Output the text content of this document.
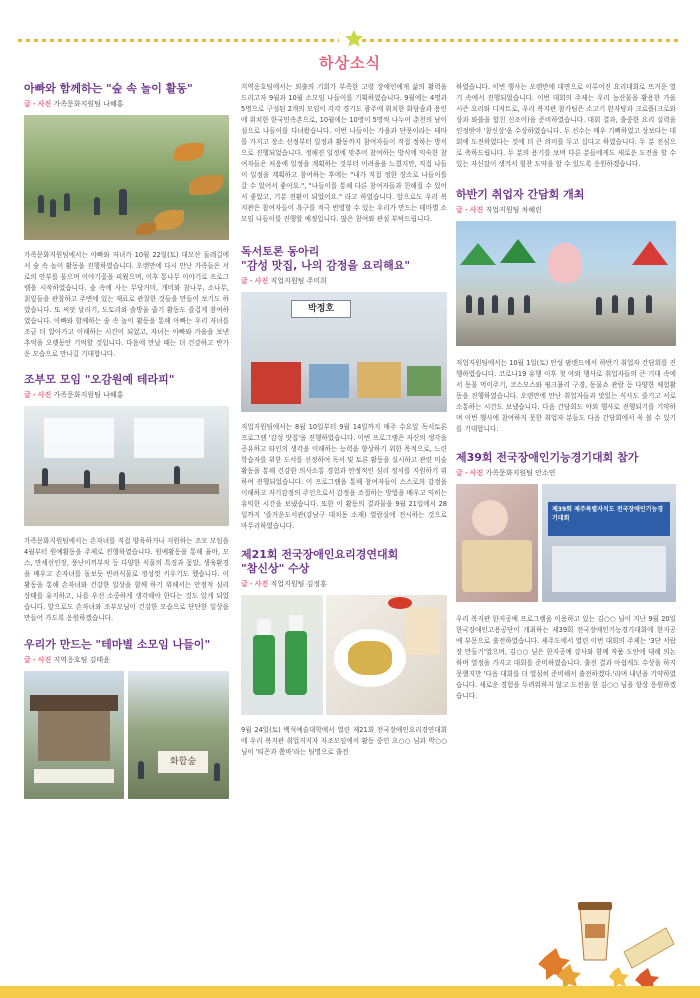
하상소식
아빠와 함께하는 "숲 속 놀이 활동"
글・사진 가족문화지원팀 나혜홍
가족문화지원팀에서는 아빠와 자녀가 10월 22일(토) 대모산 둘레길에서 숲 속 놀이 활동을 진행하였습니다. 오랜만에 다시 만난 가족들은 서로의 안부를 물으며 이야기꽃을 피웠으며, 이후 통나무 이야기로 프로그램을 시작하였습니다. 숲 속에 사는 무당거미, 개미와 참나무, 소나무, 칡잎들을 관찰하고 주변에 있는 재료로 관찰한 것들을 만들어 보기도 하였습니다. 또 씨앗 날리기, 도토리와 솔방울 줍기 활동도 즐겁게 참여하였습니다. 아빠와 함께하는 숲 속 놀이 활동을 통해 아빠는 우리 자녀를 조금 더 알아가고 이해하는 시간이 되었고, 자녀는 아빠와 가을을 보낸 추억을 오랫동안 기억할 것입니다. 다음에 만날 때는 더 건강하고 반가운 모습으로 만나길 기대합니다.
조부모 모임 "오감원예 테라피"
글・사진 가족문화지원팀 나혜홍
가족문화지원팀에서는 손자녀를 직접 양육하거나 지원하는 조모 모임을 4월부터 원예활동을 주제로 진행하였습니다. 원예활동을 통해 율마, 모스, 만세선인장, 풍난이끼부작 등 다양한 식물의 특징과 꽃말, 생육환경을 배우고 손자녀를 돌보듯 반려식물로 정성껏 키우기도 했습니다. 이 활동을 통해 손자녀와 건강한 일상을 함께 하기 위해서는 안정적 심리 상태를 유지하고, 나를 우선 소중하게 생각해야 한다는 것도 알게 되었습니다. 앞으로도 손자녀와 조부모님이 건강한 모습으로 단단한 일상을 만들어 가도록 응원하겠습니다.
우리가 만드는 "테마별 소모임 나들이"
글・사진 지역옹호팀 김태윤
화합숲
지역옹호팀에서는 외출의 기회가 부족한 고령 장애인에게 삶의 활력을 드리고자 9월과 10월 소모임 나들이를 기획하였습니다. 9월에는 4명과 5명으로 구성된 2개의 모임이 각각 경기도 광주에 위치한 화담숲과 용인에 위치한 한국민속촌으로, 10월에는 10명이 5명씩 나누어 춘천의 남이섬으로 나들이를 다녀왔습니다. 이번 나들이는 가을과 단풍이라는 테마를 가지고 장소 선정부터 일정과 활동까지 참여자들이 직접 정하는 방식으로 진행되었습니다. 정해진 일정에 맞추어 참여하는 방식에 익숙한 참여자들은 처음에 일정을 계획하는 것부터 어려움을 느꼈지만, 직접 나들이 일정을 계획하고 참여하는 후에는 "내가 직접 정한 장소로 나들이를 갈 수 있어서 좋아요.", "나들이를 통해 다른 참여자들과 친해질 수 있어서 좋았고, 기분 전환이 되었어요." 라고 하였습니다. 앞으로도 우리 복지관은 참여자들이 욕구를 적극 반영할 수 있는 우리가 만드는 테마별 소모임 나들이를 진행할 예정입니다. 많은 참여와 관심 부탁드립니다.
독서토론 동아리
"감성 맛집, 나의 감정을 요리해요"
글・사진 직업지원팀 주미희
박정호
직업지원팀에서는 8월 10일부터 9월 14일까지 매주 수요일 독서토론 프로그램 '감성 맛집'을 진행하였습니다. 이번 프로그램은 자신의 생각을 공유하고 타인의 생각을 이해하는 능력을 향상하기 위한 목적으로, 느린 학습자를 위한 도서를 선정하여 독서 및 토론 활동을 실시하고 관련 미술 활동을 통해 건강한 의사소통 경험과 안정적인 심리 정서를 지원하기 위하여 진행되었습니다. 이 프로그램을 통해 참여자들이 스스로의 감정을 이해하고 자기감정의 주인으로서 감정을 조절하는 방법을 배우고 익히는 유익한 시간을 보냈습니다. 또한 이 활동의 결과물을 9월 21일에서 28일까지 '즐거운도서관(강남구 대치동 소재) 열람실에 전시하는 것으로 마무리하였습니다.
제21회 전국장애인요리경연대회
"참신상" 수상
글・사진 직업지원팀 김정훈
9월 24일(토) 백석예술대학에서 열린 제21회 전국장애인요리경연대회에 우리 복지관 취업지지자 자조모임에서 활동 중인 오○○ 님과 박○○ 님이 '티꼰과 쫌바'라는 팀명으로 출전
하였습니다. 이번 행사는 오랜만에 대면으로 이루어진 요리대회로 뜨거운 열기 속에서 진행되었습니다. 이번 대회의 주제는 우리 농산물을 활용한 가을 시즌 요리와 디저트로, 우리 복지관 참가팀은 소고기 완자탕과 크로플(크로와상과 와플을 합친 신조어)을 준비하였습니다. 대회 결과, 출중한 요리 실력을 인정받아 '참신상'을 수상하였습니다. 두 선수는 매우 기뻐하였고 상보다는 대회에 도전하였다는 것에 더 큰 의미를 두고 십다고 하였습니다. 두 분 진심으로 축하드립니다. 두 분의 용기를 보며 다른 분들에게도 새로운 도전을 할 수 있는 자신감이 생겨서 힘찬 도약을 할 수 있도록 응원하겠습니다.
하반기 취업자 간담회 개최
글・사진 직업지원팀 차혜린
직업지원팀에서는 10월 1일(토) 안성 팜랜드에서 하반기 취업자 간담회를 진행하였습니다. 코로나19 유행 이후 첫 야외 행사로 취업자들의 큰 기대 속에서 동물 먹이주기, 코스모스와 핑크뮬리 구경, 동물쇼 관람 등 다양한 체험활동을 진행하였습니다. 오랜만에 만난 취업자들과 맛있는 식사도 즐기고 서로 소통하는 시간도 보냈습니다. 다음 간담회도 야외 행사로 진행되기를 기약하며 이번 행사에 참여하지 못한 취업자 분들도 다음 간담회에서 꼭 볼 수 있기를 기대합니다.
제39회 전국장애인기능경기대회 참가
글・사진 가족문화지원팀 안소연
제39회 제주특별자치도 전국장애인기능경기대회
우리 복지관 한지공예 프로그램을 이용하고 있는 김○○ 님이 지난 9월 20일 한국장애인고용공단이 개최하는 제39회 전국장애인기능경기대회에 한지공예 부문으로 출전하였습니다. 제주도에서 열린 이번 대회의 주제는 '3단 서랍장 만들기'였으며, 김○○ 님은 한지공예 강사와 함께 작품 도안에 대해 의논하며 열정을 가지고 대회를 준비하였습니다. 출전 결과 아쉽게도 수상을 하지 못했지만 '다음 대회를 더 열심히 준비해서 출전하겠다.'라며 내년을 기약하였습니다. 새로운 경험을 두려워하지 않고 도전을 한 김○○ 님을 항상 응원하겠습니다.
